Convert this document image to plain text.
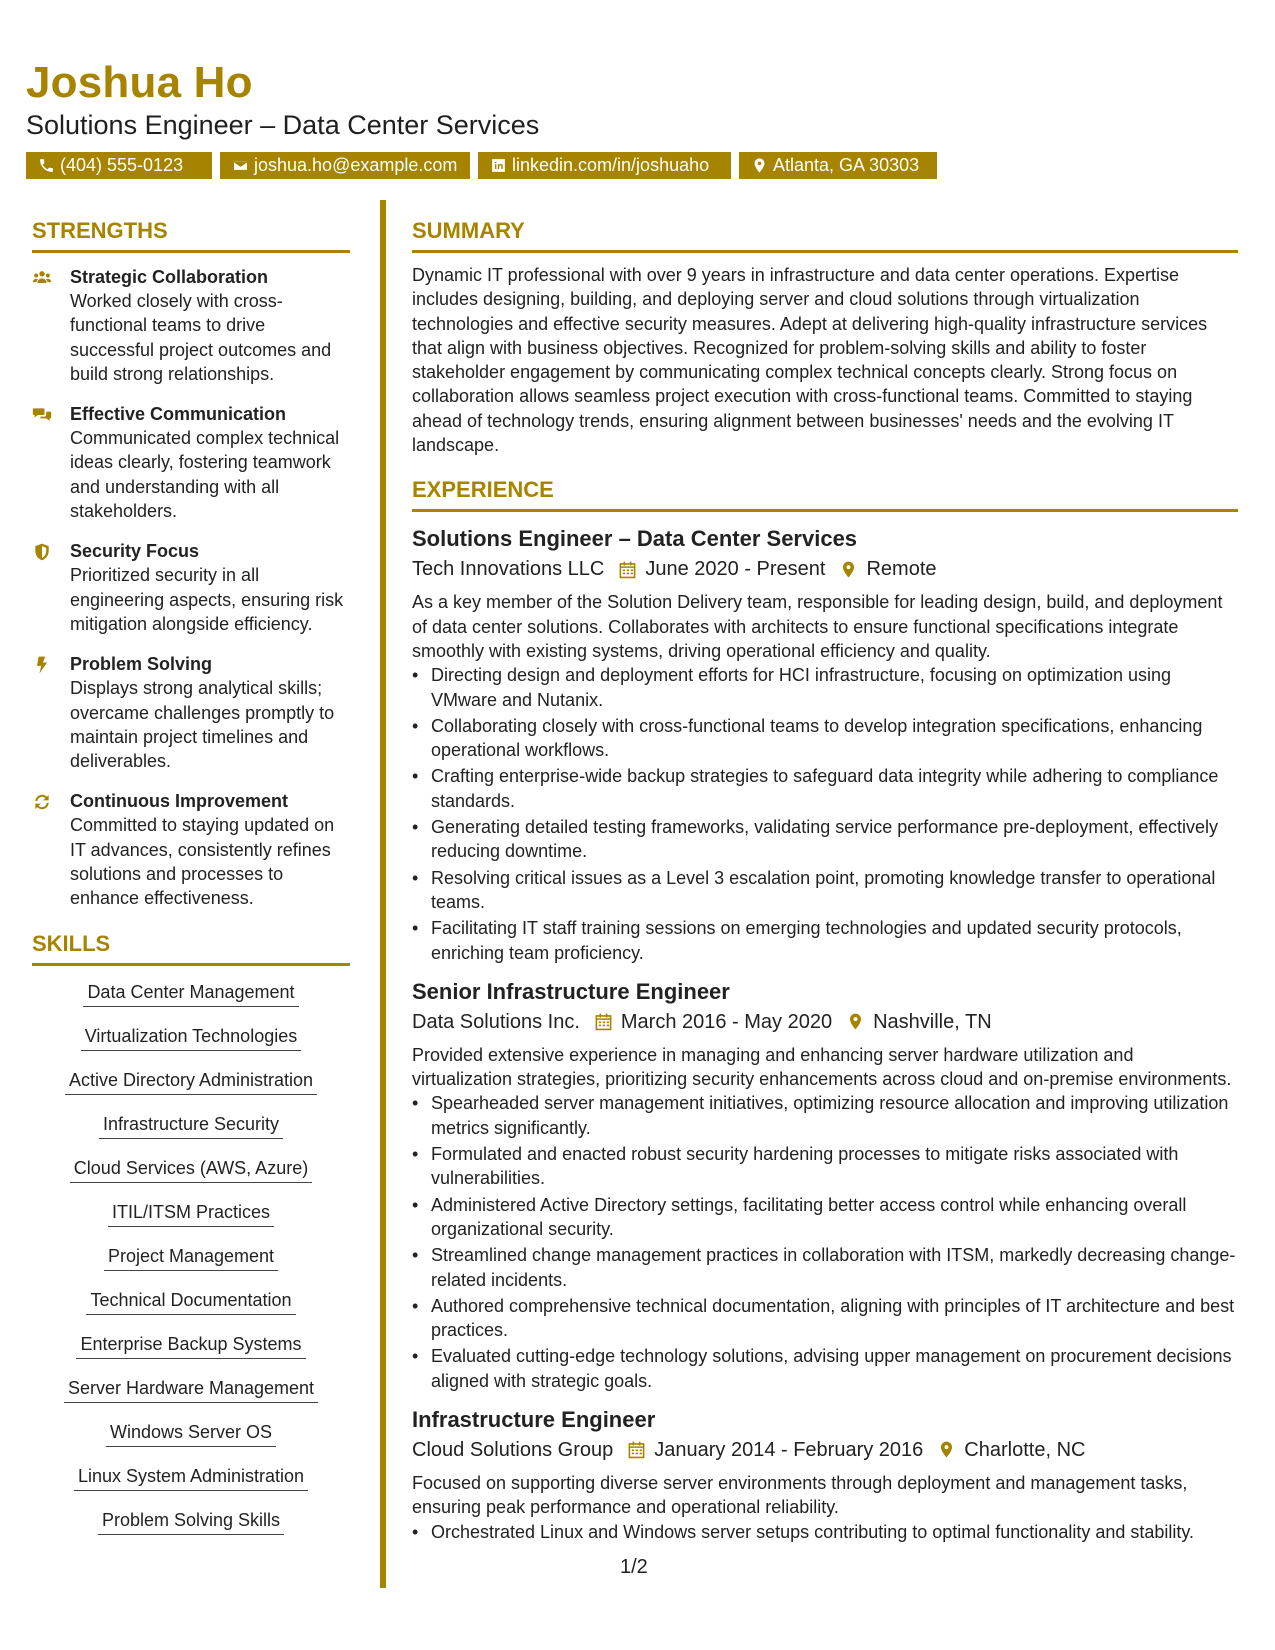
Joshua Ho
Solutions Engineer – Data Center Services
(404) 555-0123	joshua.ho@example.com	linkedin.com/in/joshuaho	Atlanta, GA 30303
STRENGTHS
Strategic Collaboration
Worked closely with cross-functional teams to drive successful project outcomes and build strong relationships.
Effective Communication
Communicated complex technical ideas clearly, fostering teamwork and understanding with all stakeholders.
Security Focus
Prioritized security in all engineering aspects, ensuring risk mitigation alongside efficiency.
Problem Solving
Displays strong analytical skills; overcame challenges promptly to maintain project timelines and deliverables.
Continuous Improvement
Committed to staying updated on IT advances, consistently refines solutions and processes to enhance effectiveness.
SKILLS
Data Center Management
Virtualization Technologies
Active Directory Administration
Infrastructure Security
Cloud Services (AWS, Azure)
ITIL/ITSM Practices
Project Management
Technical Documentation
Enterprise Backup Systems
Server Hardware Management
Windows Server OS
Linux System Administration
Problem Solving Skills
SUMMARY
Dynamic IT professional with over 9 years in infrastructure and data center operations. Expertise includes designing, building, and deploying server and cloud solutions through virtualization technologies and effective security measures. Adept at delivering high-quality infrastructure services that align with business objectives. Recognized for problem-solving skills and ability to foster stakeholder engagement by communicating complex technical concepts clearly. Strong focus on collaboration allows seamless project execution with cross-functional teams. Committed to staying ahead of technology trends, ensuring alignment between businesses' needs and the evolving IT landscape.
EXPERIENCE
Solutions Engineer – Data Center Services
Tech Innovations LLC June 2020 - Present Remote
As a key member of the Solution Delivery team, responsible for leading design, build, and deployment of data center solutions. Collaborates with architects to ensure functional specifications integrate smoothly with existing systems, driving operational efficiency and quality.
• Directing design and deployment efforts for HCI infrastructure, focusing on optimization using VMware and Nutanix.
• Collaborating closely with cross-functional teams to develop integration specifications, enhancing operational workflows.
• Crafting enterprise-wide backup strategies to safeguard data integrity while adhering to compliance standards.
• Generating detailed testing frameworks, validating service performance pre-deployment, effectively reducing downtime.
• Resolving critical issues as a Level 3 escalation point, promoting knowledge transfer to operational teams.
• Facilitating IT staff training sessions on emerging technologies and updated security protocols, enriching team proficiency.
Senior Infrastructure Engineer
Data Solutions Inc. March 2016 - May 2020 Nashville, TN
Provided extensive experience in managing and enhancing server hardware utilization and virtualization strategies, prioritizing security enhancements across cloud and on-premise environments.
• Spearheaded server management initiatives, optimizing resource allocation and improving utilization metrics significantly.
• Formulated and enacted robust security hardening processes to mitigate risks associated with vulnerabilities.
• Administered Active Directory settings, facilitating better access control while enhancing overall organizational security.
• Streamlined change management practices in collaboration with ITSM, markedly decreasing change-related incidents.
• Authored comprehensive technical documentation, aligning with principles of IT architecture and best practices.
• Evaluated cutting-edge technology solutions, advising upper management on procurement decisions aligned with strategic goals.
Infrastructure Engineer
Cloud Solutions Group January 2014 - February 2016 Charlotte, NC
Focused on supporting diverse server environments through deployment and management tasks, ensuring peak performance and operational reliability.
• Orchestrated Linux and Windows server setups contributing to optimal functionality and stability.
1/2
